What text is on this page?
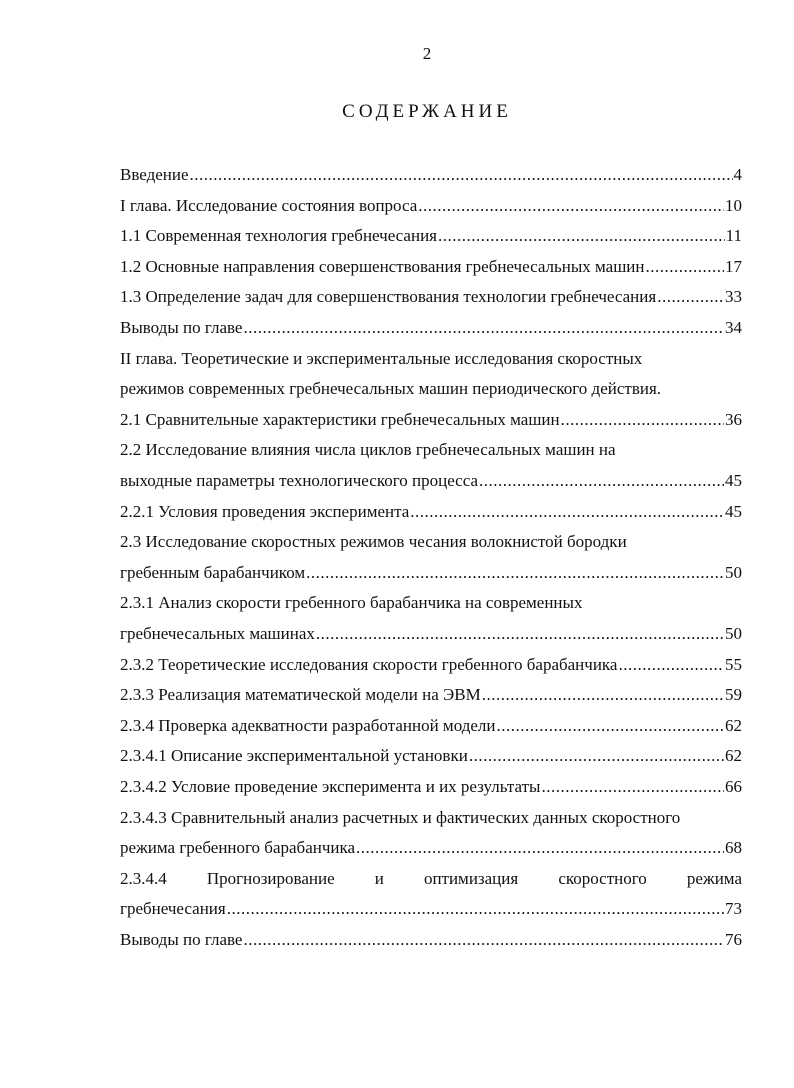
2
СОДЕРЖАНИЕ
Введение .....	4
I глава. Исследование состояния вопроса .....	10
1.1 Современная технология гребнечесания .....	11
1.2 Основные направления совершенствования гребнечесальных машин .....	17
1.3 Определение задач для совершенствования технологии гребнечесания .....	33
Выводы по главе .....	34
II глава. Теоретические и экспериментальные исследования скоростных
режимов современных гребнечесальных машин периодического действия.
2.1 Сравнительные характеристики гребнечесальных машин .....	36
2.2 Исследование влияния числа циклов гребнечесальных машин на
выходные параметры технологического процесса .....	45
2.2.1 Условия проведения эксперимента .....	45
2.3 Исследование скоростных режимов чесания волокнистой бородки
гребенным барабанчиком .....	50
2.3.1 Анализ скорости гребенного барабанчика на современных
гребнечесальных машинах .....	50
2.3.2 Теоретические исследования скорости гребенного барабанчика .....	55
2.3.3 Реализация математической модели на ЭВМ .....	59
2.3.4 Проверка адекватности разработанной модели .....	62
2.3.4.1 Описание экспериментальной установки .....	62
2.3.4.2 Условие проведение эксперимента и их результаты .....	66
2.3.4.3 Сравнительный анализ расчетных и фактических данных скоростного
режима гребенного барабанчика .....	68
2.3.4.4 Прогнозирование и оптимизация скоростного режима
гребнечесания .....	73
Выводы по главе .....	76
